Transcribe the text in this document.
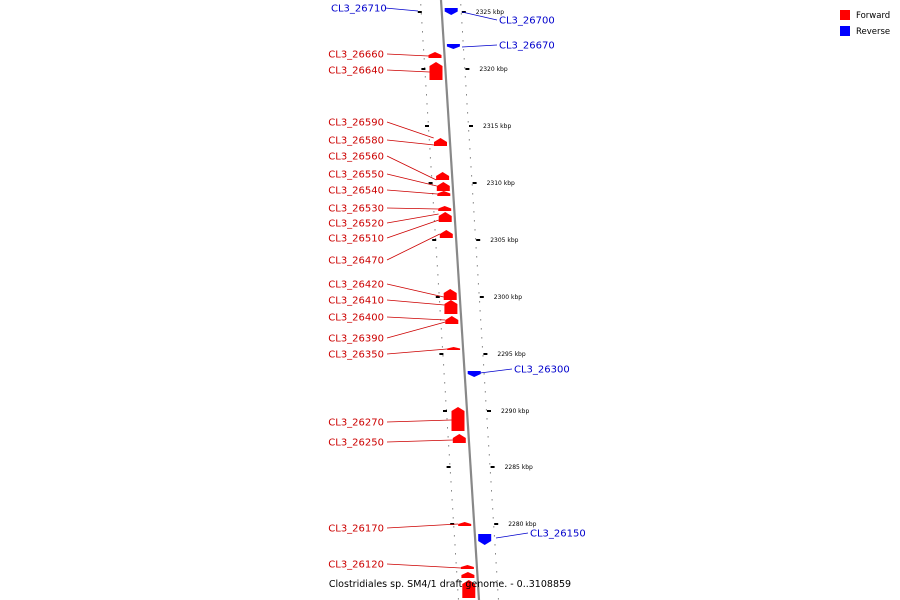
2325 kbp
2320 kbp
2315 kbp
2310 kbp
2305 kbp
2300 kbp
2295 kbp
2290 kbp
2285 kbp
2280 kbp
CL3_26660
CL3_26640
CL3_26590
CL3_26580
CL3_26560
CL3_26550
CL3_26540
CL3_26530
CL3_26520
CL3_26510
CL3_26470
CL3_26420
CL3_26410
CL3_26400
CL3_26390
CL3_26350
CL3_26270
CL3_26250
CL3_26170
CL3_26120
CL3_26710
CL3_26700
CL3_26670
CL3_26300
CL3_26150
Forward
Reverse
Clostridiales sp. SM4/1 draft genome. - 0..3108859
